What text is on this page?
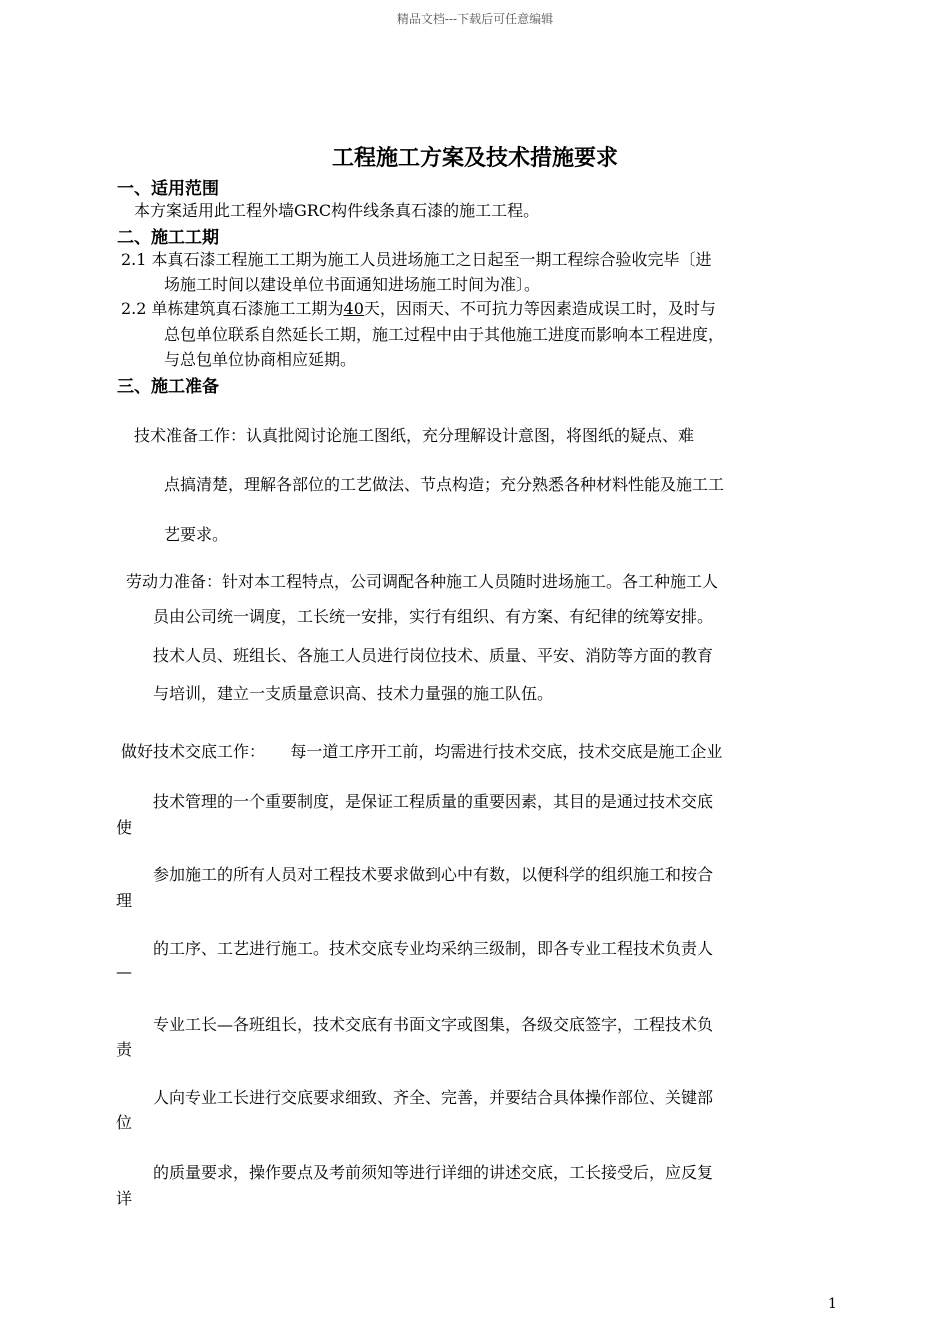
精品文档---下载后可任意编辑
工程施工方案及技术措施要求
一、适用范围
本方案适用此工程外墙GRC构件线条真石漆的施工工程。
二、施工工期
2.1 本真石漆工程施工工期为施工人员进场施工之日起至一期工程综合验收完毕〔进
场施工时间以建设单位书面通知进场施工时间为准〕。
2.2 单栋建筑真石漆施工工期为40天，因雨天、不可抗力等因素造成误工时，及时与
总包单位联系自然延长工期，施工过程中由于其他施工进度而影响本工程进度，
与总包单位协商相应延期。
三、施工准备
技术准备工作：认真批阅讨论施工图纸，充分理解设计意图，将图纸的疑点、难
点搞清楚，理解各部位的工艺做法、节点构造；充分熟悉各种材料性能及施工工
艺要求。
劳动力准备：针对本工程特点，公司调配各种施工人员随时进场施工。各工种施工人
员由公司统一调度，工长统一安排，实行有组织、有方案、有纪律的统筹安排。
技术人员、班组长、各施工人员进行岗位技术、质量、平安、消防等方面的教育
与培训，建立一支质量意识高、技术力量强的施工队伍。
做好技术交底工作：     每一道工序开工前，均需进行技术交底，技术交底是施工企业
技术管理的一个重要制度，是保证工程质量的重要因素，其目的是通过技术交底
使
参加施工的所有人员对工程技术要求做到心中有数，以便科学的组织施工和按合
理
的工序、工艺进行施工。技术交底专业均采纳三级制，即各专业工程技术负责人
—
专业工长—各班组长，技术交底有书面文字或图集，各级交底签字，工程技术负
责
人向专业工长进行交底要求细致、齐全、完善，并要结合具体操作部位、关键部
位
的质量要求，操作要点及考前须知等进行详细的讲述交底，工长接受后，应反复
详
1
